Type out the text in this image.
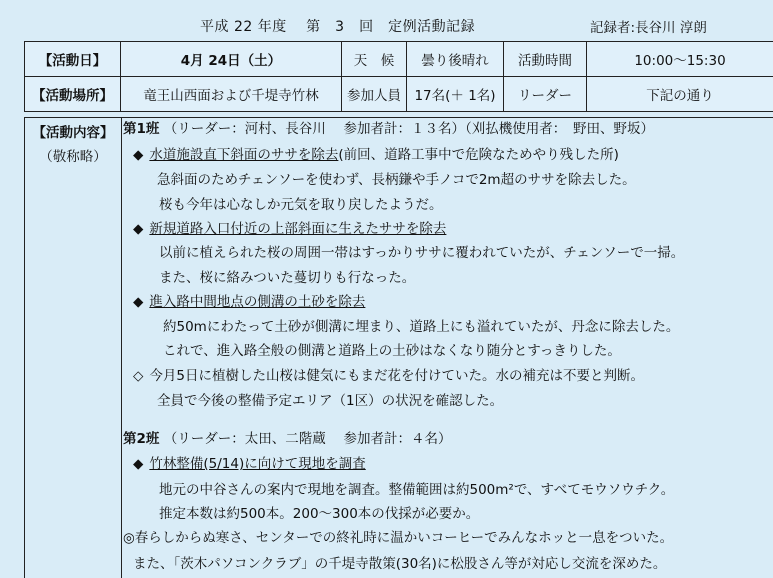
平成 22 年度　 第　3　回　定例活動記録	記録者:長谷川 淳朗
【活動日】	4月 24日（土）	天　候	曇り後晴れ	活動時間	10:00～15:30
【活動場所】	竜王山西面および千堤寺竹林	参加人員	17名(＋ 1名)	リーダー	下記の通り
【活動内容】
（敬称略）
第1班 （リーダー：河村、長谷川　 参加者計：１３名）（刈払機使用者：　野田、野坂）
◆ 水道施設直下斜面のササを除去(前回、道路工事中で危険なためやり残した所)
急斜面のためチェンソーを使わず、長柄鎌や手ノコで2m超のササを除去した。
桜も今年は心なしか元気を取り戻したようだ。
◆ 新規道路入口付近の上部斜面に生えたササを除去
以前に植えられた桜の周囲一帯はすっかりササに覆われていたが、チェンソーで一掃。
また、桜に絡みついた蔓切りも行なった。
◆ 進入路中間地点の側溝の土砂を除去
約50mにわたって土砂が側溝に埋まり、道路上にも溢れていたが、丹念に除去した。
これで、進入路全般の側溝と道路上の土砂はなくなり随分とすっきりした。
◇ 今月5日に植樹した山桜は健気にもまだ花を付けていた。水の補充は不要と判断。
全員で今後の整備予定エリア（1区）の状況を確認した。
第2班 （リーダー：太田、二階蔵　 参加者計：４名）
◆ 竹林整備(5/14)に向けて現地を調査
地元の中谷さんの案内で現地を調査。整備範囲は約500m²で、すべてモウソウチク。
推定本数は約500本。200～300本の伐採が必要か。
◎春らしからぬ寒さ、センターでの終礼時に温かいコーヒーでみんなホッと一息をついた。
また、「茨木パソコンクラブ」の千堤寺散策(30名)に松股さん等が対応し交流を深めた。
